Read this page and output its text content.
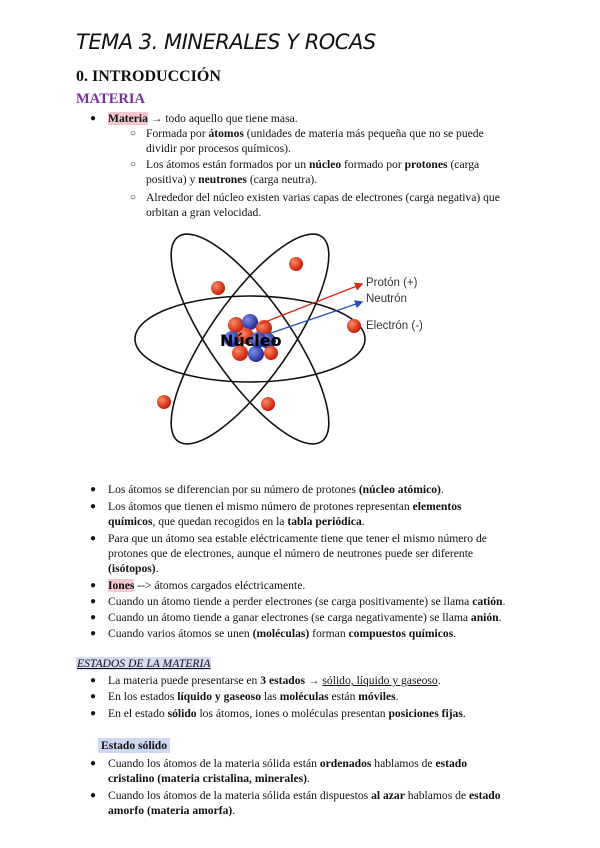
TEMA 3. MINERALES Y ROCAS
0. INTRODUCCIÓN
MATERIA
● Materia → todo aquello que tiene masa.
○ Formada por átomos (unidades de materia más pequeña que no se puede
dividir por procesos químicos).
○ Los átomos están formados por un núcleo formado por protones (carga
positiva) y neutrones (carga neutra).
○ Alrededor del núcleo existen varias capas de electrones (carga negativa) que
orbitan a gran velocidad.
Núcleo
Protón (+)
Neutrón
Electrón (-)
● Los átomos se diferencian por su número de protones (núcleo atómico).
● Los átomos que tienen el mismo número de protones representan elementos
químicos, que quedan recogidos en la tabla periódica.
● Para que un átomo sea estable eléctricamente tiene que tener el mismo número de
protones que de electrones, aunque el número de neutrones puede ser diferente
(isótopos).
● Iones --> átomos cargados eléctricamente.
● Cuando un átomo tiende a perder electrones (se carga positivamente) se llama catión.
● Cuando un átomo tiende a ganar electrones (se carga negativamente) se llama anión.
● Cuando varios átomos se unen (moléculas) forman compuestos químicos.
ESTADOS DE LA MATERIA
● La materia puede presentarse en 3 estados → sólido, líquido y gaseoso.
● En los estados líquido y gaseoso las moléculas están móviles.
● En el estado sólido los átomos, iones o moléculas presentan posiciones fijas.
Estado sólido
● Cuando los átomos de la materia sólida están ordenados hablamos de estado
cristalino (materia cristalina, minerales).
● Cuando los átomos de la materia sólida están dispuestos al azar hablamos de estado
amorfo (materia amorfa).
